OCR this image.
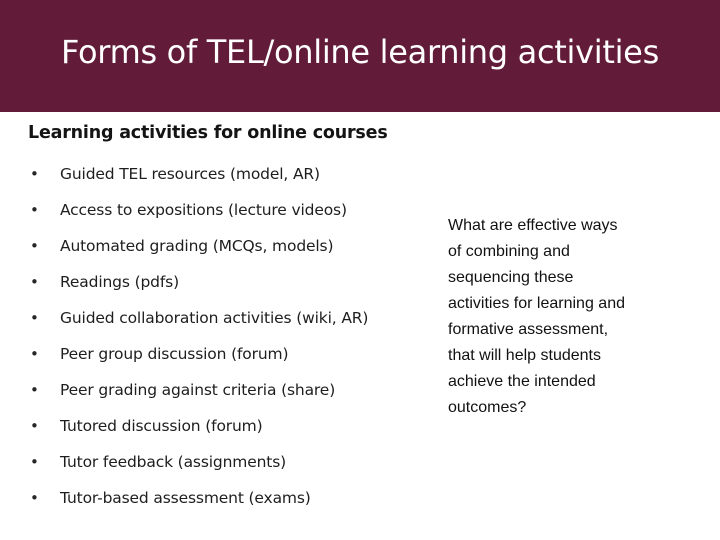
Forms of TEL/online learning activities
Learning activities for online courses
•	Guided TEL resources (model, AR)
•	Access to expositions (lecture videos)
•	Automated grading (MCQs, models)
•	Readings (pdfs)
•	Guided collaboration activities (wiki, AR)
•	Peer group discussion (forum)
•	Peer grading against criteria (share)
•	Tutored discussion (forum)
•	Tutor feedback (assignments)
•	Tutor-based assessment (exams)
What are effective ways
of combining and
sequencing these
activities for learning and
formative assessment,
that will help students
achieve the intended
outcomes?
